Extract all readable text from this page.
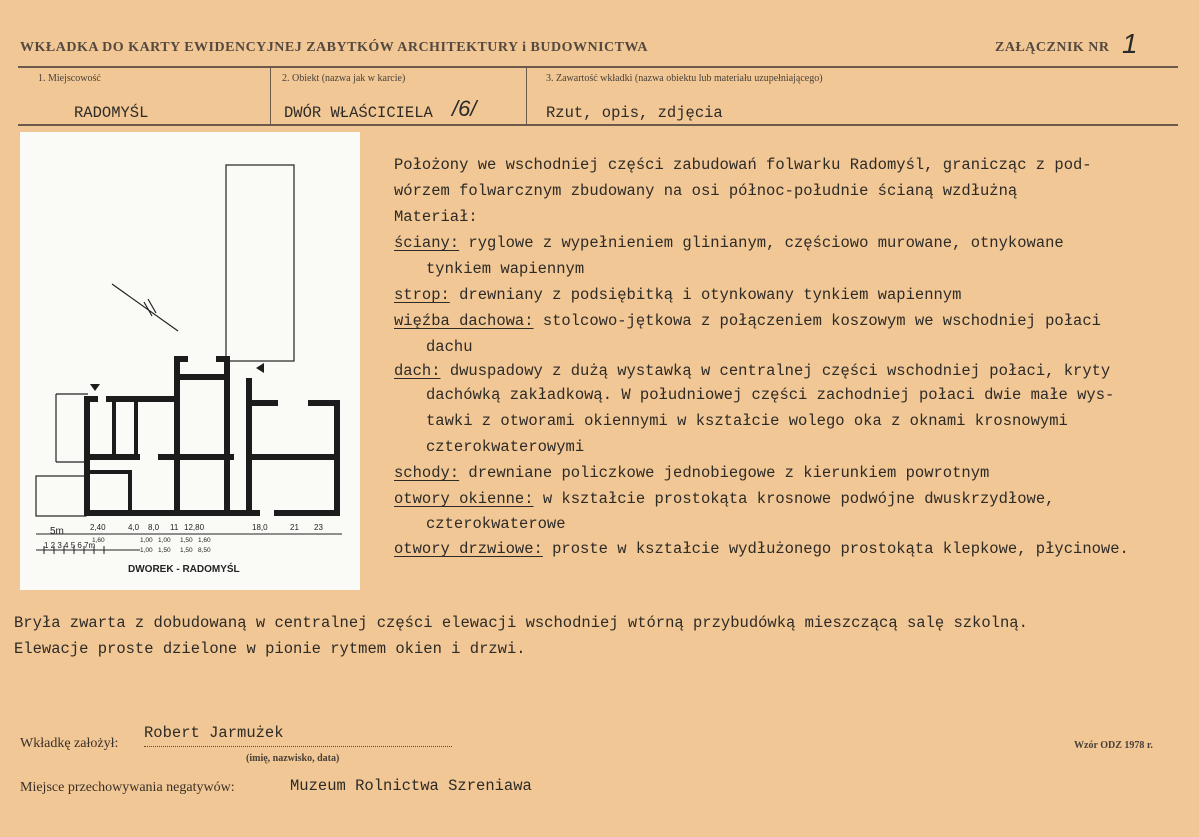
WKŁADKA DO KARTY EWIDENCYJNEJ ZABYTKÓW ARCHITEKTURY i BUDOWNICTWA	ZAŁĄCZNIK NR 1
1. Miejscowość
RADOMYŚL
2. Obiekt (nazwa jak w karcie)
DWÓR WŁAŚCICIELA /6/
3. Zawartość wkładki (nazwa obiektu lub materiału uzupełniającego)
Rzut, opis, zdjęcia
5m
1 2 3 4 5 6 7m
2,40	4,0 8,0 11 12,80	18,0	21 23
1,60	1,00 1,00 1,50 1,60
1,00 1,50 1,50 8,50
DWOREK - RADOMYŚL
Położony we wschodniej części zabudowań folwarku Radomyśl, granicząc z pod-
wórzem folwarcznym zbudowany na osi północ-południe ścianą wzdłużną
Materiał:
ściany: ryglowe z wypełnieniem glinianym, częściowo murowane, otnykowane
tynkiem wapiennym
strop: drewniany z podsiębitką i otynkowany tynkiem wapiennym
więźba dachowa: stolcowo-jętkowa z połączeniem koszowym we wschodniej połaci
dachu
dach: dwuspadowy z dużą wystawką w centralnej części wschodniej połaci, kryty
dachówką zakładkową. W południowej części zachodniej połaci dwie małe wys-
tawki z otworami okiennymi w kształcie wolego oka z oknami krosnowymi
czterokwaterowymi
schody: drewniane policzkowe jednobiegowe z kierunkiem powrotnym
otwory okienne: w kształcie prostokąta krosnowe podwójne dwuskrzydłowe,
czterokwaterowe
otwory drzwiowe: proste w kształcie wydłużonego prostokąta klepkowe, płycinowe.
Bryła zwarta z dobudowaną w centralnej części elewacji wschodniej wtórną przybudówką mieszczącą salę szkolną.
Elewacje proste dzielone w pionie rytmem okien i drzwi.
Wkładkę założył:
Robert Jarmużek
(imię, nazwisko, data)
Wzór ODZ 1978 r.
Miejsce przechowywania negatywów:	Muzeum Rolnictwa Szreniawa
